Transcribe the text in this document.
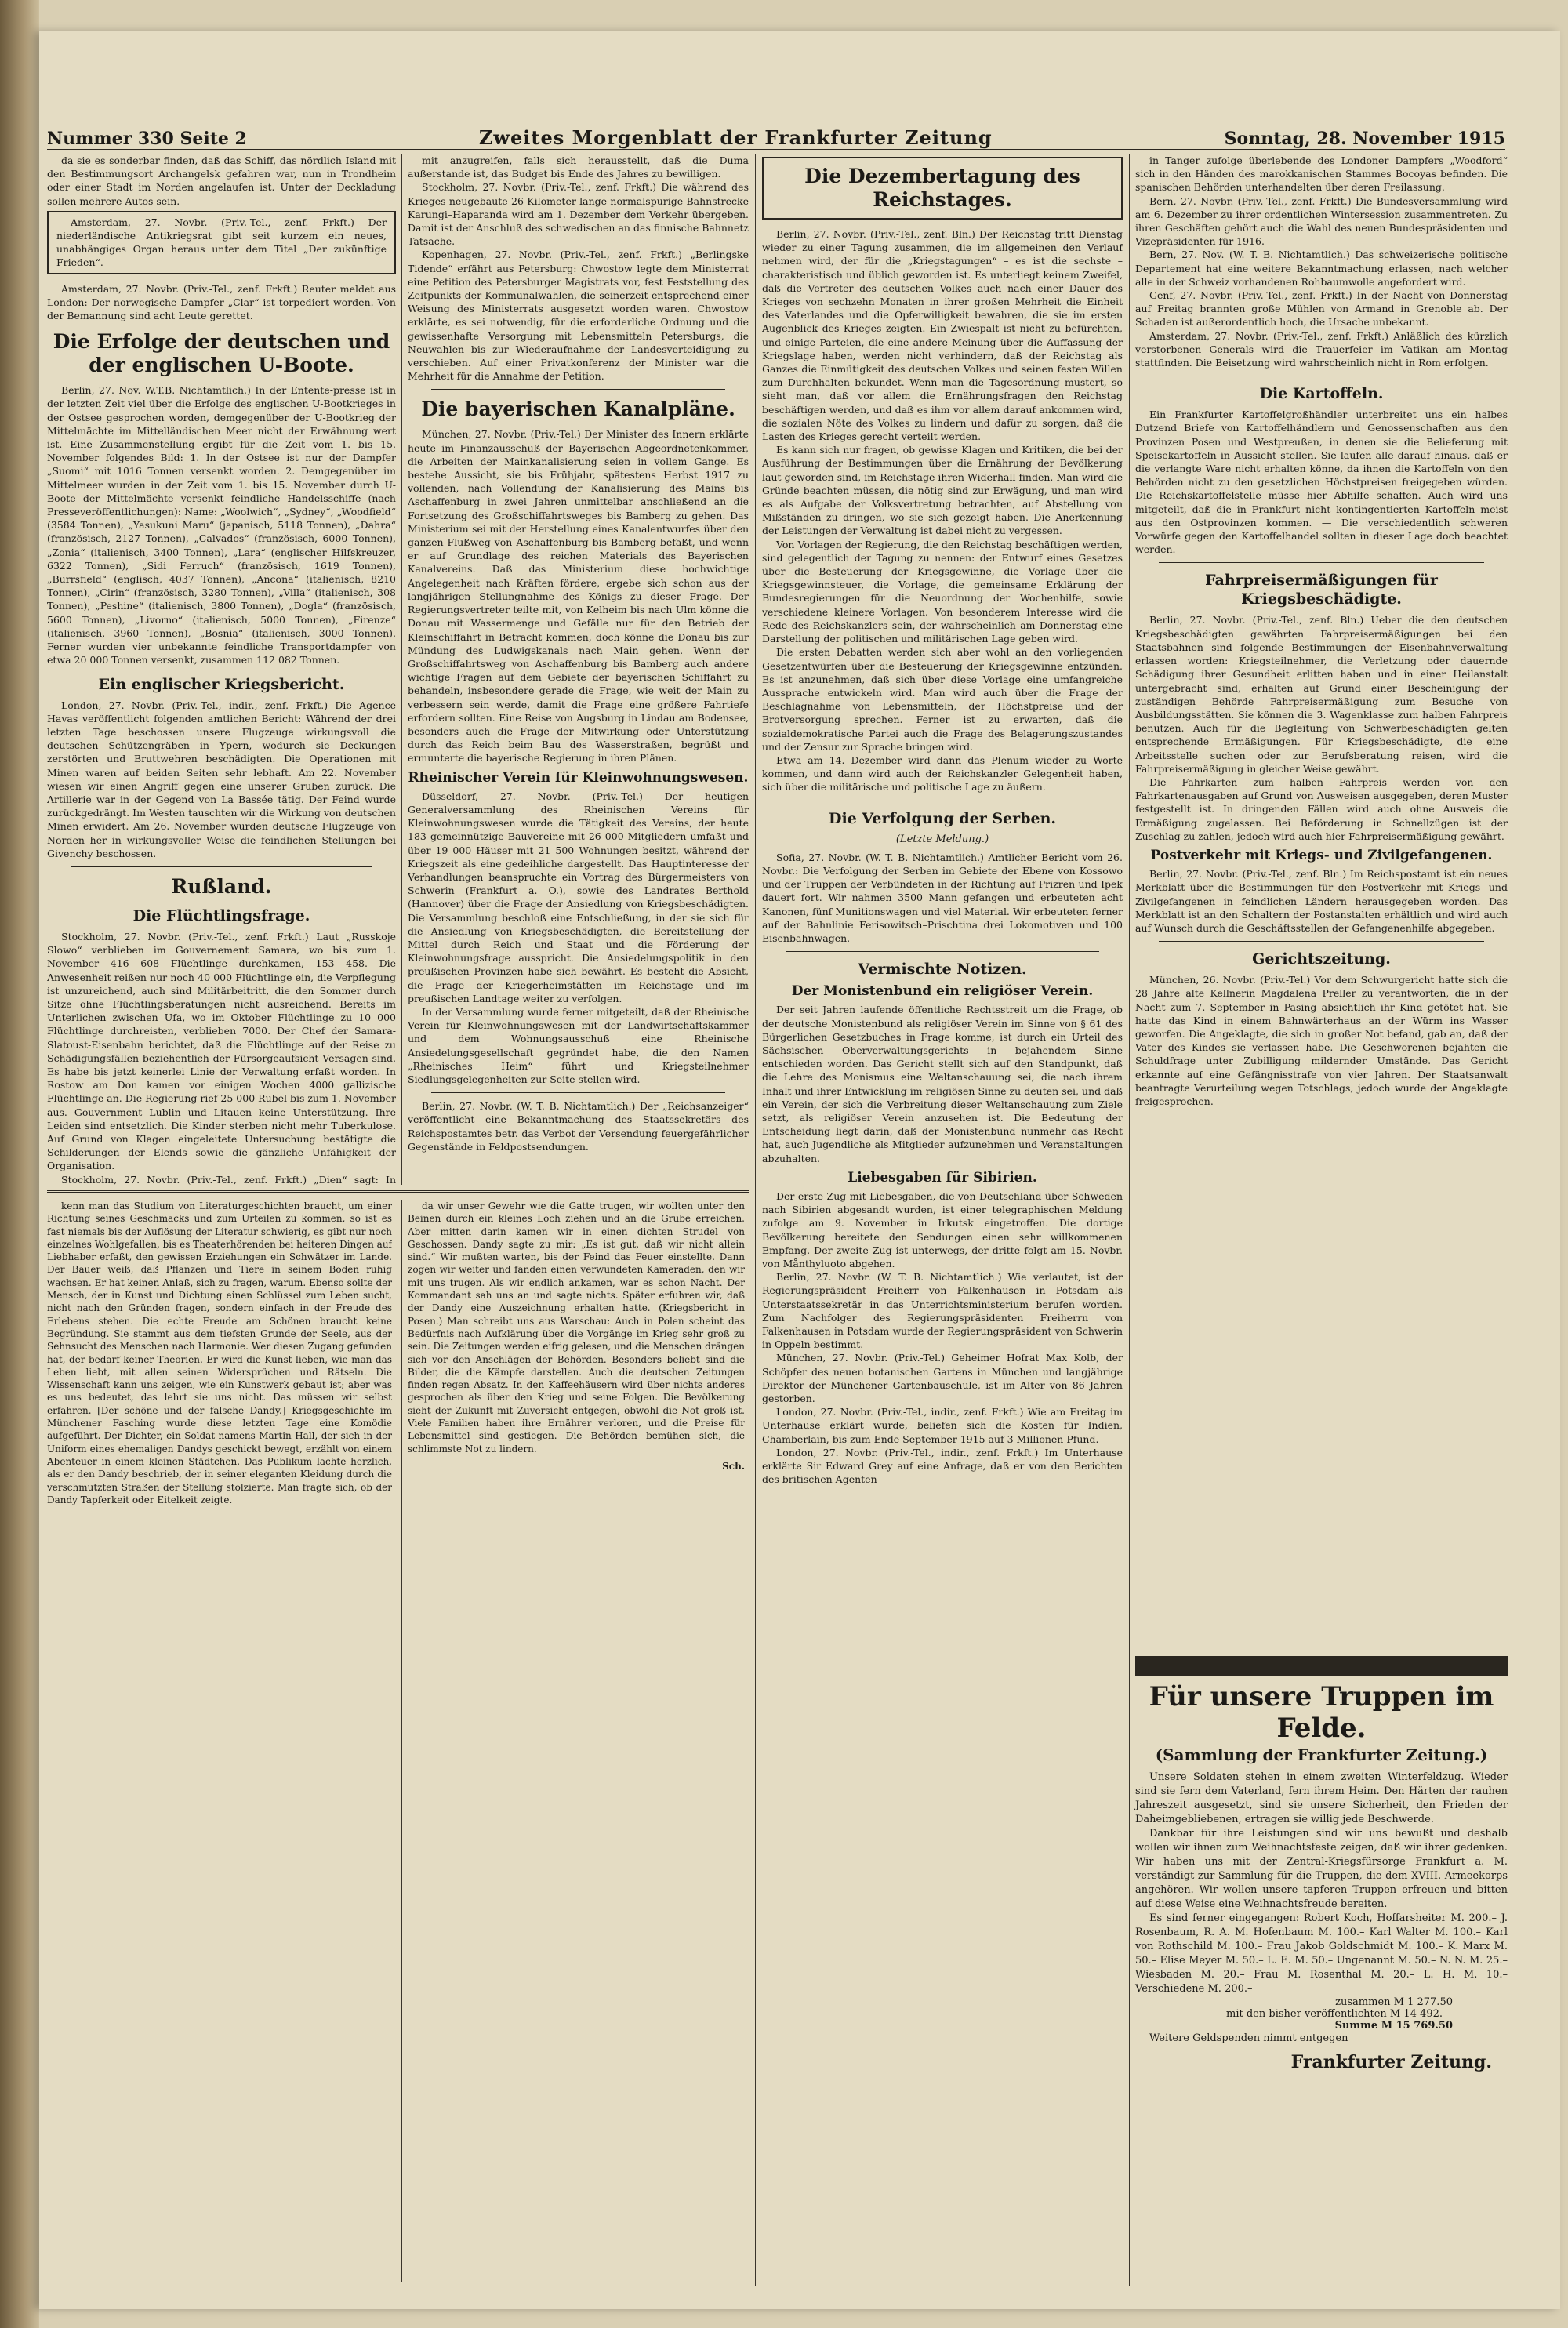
Nummer 330 Seite 2	Zweites Morgenblatt der Frankfurter Zeitung	Sonntag, 28. November 1915

da sie es sonderbar finden, daß das Schiff, das nördlich Island mit den Bestimmungsort Archangelsk gefahren war, nun in Trondheim oder einer Stadt im Norden angelaufen ist. Unter der Deckladung sollen mehrere Autos sein.

Amsterdam, 27. Novbr. (Priv.-Tel., zenf. Frkft.) Der niederländische Antikriegsrat gibt seit kurzem ein neues, unabhängiges Organ heraus unter dem Titel „Der zukünftige Frieden“.

Amsterdam, 27. Novbr. (Priv.-Tel., zenf. Frkft.) Reuter meldet aus London: Der norwegische Dampfer „Clar“ ist torpediert worden. Von der Bemannung sind acht Leute gerettet.

Die Erfolge der deutschen und der englischen U-Boote.

Berlin, 27. Nov. W.T.B. Nichtamtlich.) In der Entente-presse ist in der letzten Zeit viel über die Erfolge des englischen U-Bootkrieges in der Ostsee gesprochen worden, demgegenüber der U-Bootkrieg der Mittelmächte im Mittelländischen Meer nicht der Erwähnung wert ist. Eine Zusammenstellung ergibt für die Zeit vom 1. bis 15. November folgendes Bild: 1. In der Ostsee ist nur der Dampfer „Suomi“ mit 1016 Tonnen versenkt worden. 2. Demgegenüber im Mittelmeer wurden in der Zeit vom 1. bis 15. November durch U-Boote der Mittelmächte versenkt feindliche Handelsschiffe (nach Presseveröffentlichungen): Name: „Woolwich“, „Sydney“, „Woodfield“ (3584 Tonnen), „Yasukuni Maru“ (japanisch, 5118 Tonnen), „Dahra“ (französisch, 2127 Tonnen), „Calvados“ (französisch, 6000 Tonnen), „Zonia“ (italienisch, 3400 Tonnen), „Lara“ (englischer Hilfskreuzer, 6322 Tonnen), „Sidi Ferruch“ (französisch, 1619 Tonnen), „Burrsfield“ (englisch, 4037 Tonnen), „Ancona“ (italienisch, 8210 Tonnen), „Cirin“ (französisch, 3280 Tonnen), „Villa“ (italienisch, 308 Tonnen), „Peshine“ (italienisch, 3800 Tonnen), „Dogla“ (französisch, 5600 Tonnen), „Livorno“ (italienisch, 5000 Tonnen), „Firenze“ (italienisch, 3960 Tonnen), „Bosnia“ (italienisch, 3000 Tonnen). Ferner wurden vier unbekannte feindliche Transportdampfer von etwa 20 000 Tonnen versenkt, zusammen 112 082 Tonnen.

Ein englischer Kriegsbericht.

London, 27. Novbr. (Priv.-Tel., indir., zenf. Frkft.) Die Agence Havas veröffentlicht folgenden amtlichen Bericht: Während der drei letzten Tage beschossen unsere Flugzeuge wirkungsvoll die deutschen Schützengräben in Ypern, wodurch sie Deckungen zerstörten und Bruttwehren beschädigten. Die Operationen mit Minen waren auf beiden Seiten sehr lebhaft. Am 22. November wiesen wir einen Angriff gegen eine unserer Gruben zurück. Die Artillerie war in der Gegend von La Bassée tätig. Der Feind wurde zurückgedrängt. Im Westen tauschten wir die Wirkung von deutschen Minen erwidert. Am 26. November wurden deutsche Flugzeuge von Norden her in wirkungsvoller Weise die feindlichen Stellungen bei Givenchy beschossen.

Rußland.
Die Flüchtlingsfrage.

Stockholm, 27. Novbr. (Priv.-Tel., zenf. Frkft.) Laut „Russkoje Slowo“ verblieben im Gouvernement Samara, wo bis zum 1. November 416 608 Flüchtlinge durchkamen, 153 458. Die Anwesenheit reißen nur noch 40 000 Flüchtlinge ein, die Verpflegung ist unzureichend, auch sind Militärbeitritt, die den Sommer durch Sitze ohne Flüchtlingsberatungen nicht ausreichend. Bereits im Unterlichen zwischen Ufa, wo im Oktober Flüchtlinge zu 10 000 Flüchtlinge durchreisten, verblieben 7000. Der Chef der Samara-Slatoust-Eisenbahn berichtet, daß die Flüchtlinge auf der Reise zu Schädigungsfällen beziehentlich der Fürsorgeaufsicht Versagen sind. Es habe bis jetzt keinerlei Linie der Verwaltung erfaßt worden. In Rostow am Don kamen vor einigen Wochen 4000 gallizische Flüchtlinge an. Die Regierung rief 25 000 Rubel bis zum 1. November aus. Gouvernment Lublin und Litauen keine Unterstützung. Ihre Leiden sind entsetzlich. Die Kinder sterben nicht mehr Tuberkulose. Auf Grund von Klagen eingeleitete Untersuchung bestätigte die Schilderungen der Elends sowie die gänzliche Unfähigkeit der Organisation.

Stockholm, 27. Novbr. (Priv.-Tel., zenf. Frkft.) „Dien“ sagt: In

mit anzugreifen, falls sich herausstellt, daß die Duma außerstande ist, das Budget bis Ende des Jahres zu bewilligen.

Stockholm, 27. Novbr. (Priv.-Tel., zenf. Frkft.) Die während des Krieges neugebaute 26 Kilometer lange normalspurige Bahnstrecke Karungi–Haparanda wird am 1. Dezember dem Verkehr übergeben. Damit ist der Anschluß des schwedischen an das finnische Bahnnetz Tatsache.

Kopenhagen, 27. Novbr. (Priv.-Tel., zenf. Frkft.) „Berlingske Tidende“ erfährt aus Petersburg: Chwostow legte dem Ministerrat eine Petition des Petersburger Magistrats vor, fest Feststellung des Zeitpunkts der Kommunalwahlen, die seinerzeit entsprechend einer Weisung des Ministerrats ausgesetzt worden waren. Chwostow erklärte, es sei notwendig, für die erforderliche Ordnung und die gewissenhafte Versorgung mit Lebensmitteln Petersburgs, die Neuwahlen bis zur Wiederaufnahme der Landesverteidigung zu verschieben. Auf einer Privatkonferenz der Minister war die Mehrheit für die Annahme der Petition.

Die bayerischen Kanalpläne.

München, 27. Novbr. (Priv.-Tel.) Der Minister des Innern erklärte heute im Finanzausschuß der Bayerischen Abgeordnetenkammer, die Arbeiten der Mainkanalisierung seien in vollem Gange. Es bestehe Aussicht, sie bis Frühjahr, spätestens Herbst 1917 zu vollenden, nach Vollendung der Kanalisierung des Mains bis Aschaffenburg in zwei Jahren unmittelbar anschließend an die Fortsetzung des Großschiffahrtsweges bis Bamberg zu gehen. Das Ministerium sei mit der Herstellung eines Kanalentwurfes über den ganzen Flußweg von Aschaffenburg bis Bamberg befaßt, und wenn er auf Grundlage des reichen Materials des Bayerischen Kanalvereins. Daß das Ministerium diese hochwichtige Angelegenheit nach Kräften fördere, ergebe sich schon aus der langjährigen Stellungnahme des Königs zu dieser Frage. Der Regierungsvertreter teilte mit, von Kelheim bis nach Ulm könne die Donau mit Wassermenge und Gefälle nur für den Betrieb der Kleinschiffahrt in Betracht kommen, doch könne die Donau bis zur Mündung des Ludwigskanals nach Main gehen. Wenn der Großschiffahrtsweg von Aschaffenburg bis Bamberg auch andere wichtige Fragen auf dem Gebiete der bayerischen Schiffahrt zu behandeln, insbesondere gerade die Frage, wie weit der Main zu verbessern sein werde, damit die Frage eine größere Fahrtiefe erfordern sollten. Eine Reise von Augsburg in Lindau am Bodensee, besonders auch die Frage der Mitwirkung oder Unterstützung durch das Reich beim Bau des Wasserstraßen, begrüßt und ermunterte die bayerische Regierung in ihren Plänen.

Rheinischer Verein für Kleinwohnungswesen.

Düsseldorf, 27. Novbr. (Priv.-Tel.) Der heutigen Generalversammlung des Rheinischen Vereins für Kleinwohnungswesen wurde die Tätigkeit des Vereins, der heute 183 gemeinnützige Bauvereine mit 26 000 Mitgliedern umfaßt und über 19 000 Häuser mit 21 500 Wohnungen besitzt, während der Kriegszeit als eine gedeihliche dargestellt. Das Hauptinteresse der Verhandlungen beanspruchte ein Vortrag des Bürgermeisters von Schwerin (Frankfurt a. O.), sowie des Landrates Berthold (Hannover) über die Frage der Ansiedlung von Kriegsbeschädigten. Die Versammlung beschloß eine Entschließung, in der sie sich für die Ansiedlung von Kriegsbeschädigten, die Bereitstellung der Mittel durch Reich und Staat und die Förderung der Kleinwohnungsfrage ausspricht. Die Ansiedelungspolitik in den preußischen Provinzen habe sich bewährt. Es besteht die Absicht, die Frage der Kriegerheimstätten im Reichstage und im preußischen Landtage weiter zu verfolgen.

In der Versammlung wurde ferner mitgeteilt, daß der Rheinische Verein für Kleinwohnungswesen mit der Landwirtschaftskammer und dem Wohnungsausschuß eine Rheinische Ansiedelungsgesellschaft gegründet habe, die den Namen „Rheinisches Heim“ führt und Kriegsteilnehmer Siedlungsgelegenheiten zur Seite stellen wird.

Berlin, 27. Novbr. (W. T. B. Nichtamtlich.) Der „Reichsanzeiger“ veröffentlicht eine Bekanntmachung des Staatssekretärs des Reichspostamtes betr. das Verbot der Versendung feuergefährlicher Gegenstände in Feldpostsendungen.

Die Dezembertagung des Reichstages.

Berlin, 27. Novbr. (Priv.-Tel., zenf. Bln.) Der Reichstag tritt Dienstag wieder zu einer Tagung zusammen, die im allgemeinen den Verlauf nehmen wird, der für die „Kriegstagungen“ – es ist die sechste – charakteristisch und üblich geworden ist. Es unterliegt keinem Zweifel, daß die Vertreter des deutschen Volkes auch nach einer Dauer des Krieges von sechzehn Monaten in ihrer großen Mehrheit die Einheit des Vaterlandes und die Opferwilligkeit bewahren, die sie im ersten Augenblick des Krieges zeigten. Ein Zwiespalt ist nicht zu befürchten, und einige Parteien, die eine andere Meinung über die Auffassung der Kriegslage haben, werden nicht verhindern, daß der Reichstag als Ganzes die Einmütigkeit des deutschen Volkes und seinen festen Willen zum Durchhalten bekundet. Wenn man die Tagesordnung mustert, so sieht man, daß vor allem die Ernährungsfragen den Reichstag beschäftigen werden, und daß es ihm vor allem darauf ankommen wird, die sozialen Nöte des Volkes zu lindern und dafür zu sorgen, daß die Lasten des Krieges gerecht verteilt werden.

Es kann sich nur fragen, ob gewisse Klagen und Kritiken, die bei der Ausführung der Bestimmungen über die Ernährung der Bevölkerung laut geworden sind, im Reichstage ihren Widerhall finden. Man wird die Gründe beachten müssen, die nötig sind zur Erwägung, und man wird es als Aufgabe der Volksvertretung betrachten, auf Abstellung von Mißständen zu dringen, wo sie sich gezeigt haben. Die Anerkennung der Leistungen der Verwaltung ist dabei nicht zu vergessen.

Von Vorlagen der Regierung, die den Reichstag beschäftigen werden, sind gelegentlich der Tagung zu nennen: der Entwurf eines Gesetzes über die Besteuerung der Kriegsgewinne, die Vorlage über die Kriegsgewinnsteuer, die Vorlage, die gemeinsame Erklärung der Bundesregierungen für die Neuordnung der Wochenhilfe, sowie verschiedene kleinere Vorlagen. Von besonderem Interesse wird die Rede des Reichskanzlers sein, der wahrscheinlich am Donnerstag eine Darstellung der politischen und militärischen Lage geben wird.

Die ersten Debatten werden sich aber wohl an den vorliegenden Gesetzentwürfen über die Besteuerung der Kriegsgewinne entzünden. Es ist anzunehmen, daß sich über diese Vorlage eine umfangreiche Aussprache entwickeln wird. Man wird auch über die Frage der Beschlagnahme von Lebensmitteln, der Höchstpreise und der Brotversorgung sprechen. Ferner ist zu erwarten, daß die sozialdemokratische Partei auch die Frage des Belagerungszustandes und der Zensur zur Sprache bringen wird.

Etwa am 14. Dezember wird dann das Plenum wieder zu Worte kommen, und dann wird auch der Reichskanzler Gelegenheit haben, sich über die militärische und politische Lage zu äußern.

Die Verfolgung der Serben.
(Letzte Meldung.)

Sofia, 27. Novbr. (W. T. B. Nichtamtlich.) Amtlicher Bericht vom 26. Novbr.: Die Verfolgung der Serben im Gebiete der Ebene von Kossowo und der Truppen der Verbündeten in der Richtung auf Prizren und Ipek dauert fort. Wir nahmen 3500 Mann gefangen und erbeuteten acht Kanonen, fünf Munitionswagen und viel Material. Wir erbeuteten ferner auf der Bahnlinie Ferisowitsch–Prischtina drei Lokomotiven und 100 Eisenbahnwagen.

Vermischte Notizen.
Der Monistenbund ein religiöser Verein.

Der seit Jahren laufende öffentliche Rechtsstreit um die Frage, ob der deutsche Monistenbund als religiöser Verein im Sinne von § 61 des Bürgerlichen Gesetzbuches in Frage komme, ist durch ein Urteil des Sächsischen Oberverwaltungsgerichts in bejahendem Sinne entschieden worden. Das Gericht stellt sich auf den Standpunkt, daß die Lehre des Monismus eine Weltanschauung sei, die nach ihrem Inhalt und ihrer Entwicklung im religiösen Sinne zu deuten sei, und daß ein Verein, der sich die Verbreitung dieser Weltanschauung zum Ziele setzt, als religiöser Verein anzusehen ist. Die Bedeutung der Entscheidung liegt darin, daß der Monistenbund nunmehr das Recht hat, auch Jugendliche als Mitglieder aufzunehmen und Veranstaltungen abzuhalten.

Liebesgaben für Sibirien.

Der erste Zug mit Liebesgaben, die von Deutschland über Schweden nach Sibirien abgesandt wurden, ist einer telegraphischen Meldung zufolge am 9. November in Irkutsk eingetroffen. Die dortige Bevölkerung bereitete den Sendungen einen sehr willkommenen Empfang. Der zweite Zug ist unterwegs, der dritte folgt am 15. Novbr. von Månthyluoto abgehen.

Berlin, 27. Novbr. (W. T. B. Nichtamtlich.) Wie verlautet, ist der Regierungspräsident Freiherr von Falkenhausen in Potsdam als Unterstaatssekretär in das Unterrichtsministerium berufen worden. Zum Nachfolger des Regierungspräsidenten Freiherrn von Falkenhausen in Potsdam wurde der Regierungspräsident von Schwerin in Oppeln bestimmt.

München, 27. Novbr. (Priv.-Tel.) Geheimer Hofrat Max Kolb, der Schöpfer des neuen botanischen Gartens in München und langjährige Direktor der Münchener Gartenbauschule, ist im Alter von 86 Jahren gestorben.

London, 27. Novbr. (Priv.-Tel., indir., zenf. Frkft.) Wie am Freitag im Unterhause erklärt wurde, beliefen sich die Kosten für Indien, Chamberlain, bis zum Ende September 1915 auf 3 Millionen Pfund.

London, 27. Novbr. (Priv.-Tel., indir., zenf. Frkft.) Im Unterhause erklärte Sir Edward Grey auf eine Anfrage, daß er von den Berichten des britischen Agenten

in Tanger zufolge überlebende des Londoner Dampfers „Woodford“ sich in den Händen des marokkanischen Stammes Bocoyas befinden. Die spanischen Behörden unterhandelten über deren Freilassung.

Bern, 27. Novbr. (Priv.-Tel., zenf. Frkft.) Die Bundesversammlung wird am 6. Dezember zu ihrer ordentlichen Wintersession zusammentreten. Zu ihren Geschäften gehört auch die Wahl des neuen Bundespräsidenten und Vizepräsidenten für 1916.

Bern, 27. Nov. (W. T. B. Nichtamtlich.) Das schweizerische politische Departement hat eine weitere Bekanntmachung erlassen, nach welcher alle in der Schweiz vorhandenen Rohbaumwolle angefordert wird.

Genf, 27. Novbr. (Priv.-Tel., zenf. Frkft.) In der Nacht von Donnerstag auf Freitag brannten große Mühlen von Armand in Grenoble ab. Der Schaden ist außerordentlich hoch, die Ursache unbekannt.

Amsterdam, 27. Novbr. (Priv.-Tel., zenf. Frkft.) Anläßlich des kürzlich verstorbenen Generals wird die Trauerfeier im Vatikan am Montag stattfinden. Die Beisetzung wird wahrscheinlich nicht in Rom erfolgen.

Die Kartoffeln.

Ein Frankfurter Kartoffelgroßhändler unterbreitet uns ein halbes Dutzend Briefe von Kartoffelhändlern und Genossenschaften aus den Provinzen Posen und Westpreußen, in denen sie die Belieferung mit Speisekartoffeln in Aussicht stellen. Sie laufen alle darauf hinaus, daß er die verlangte Ware nicht erhalten könne, da ihnen die Kartoffeln von den Behörden nicht zu den gesetzlichen Höchstpreisen freigegeben würden. Die Reichskartoffelstelle müsse hier Abhilfe schaffen. Auch wird uns mitgeteilt, daß die in Frankfurt nicht kontingentierten Kartoffeln meist aus den Ostprovinzen kommen. — Die verschiedentlich schweren Vorwürfe gegen den Kartoffelhandel sollten in dieser Lage doch beachtet werden.

Fahrpreisermäßigungen für Kriegsbeschädigte.

Berlin, 27. Novbr. (Priv.-Tel., zenf. Bln.) Ueber die den deutschen Kriegsbeschädigten gewährten Fahrpreisermäßigungen bei den Staatsbahnen sind folgende Bestimmungen der Eisenbahnverwaltung erlassen worden: Kriegsteilnehmer, die Verletzung oder dauernde Schädigung ihrer Gesundheit erlitten haben und in einer Heilanstalt untergebracht sind, erhalten auf Grund einer Bescheinigung der zuständigen Behörde Fahrpreisermäßigung zum Besuche von Ausbildungsstätten. Sie können die 3. Wagenklasse zum halben Fahrpreis benutzen. Auch für die Begleitung von Schwerbeschädigten gelten entsprechende Ermäßigungen. Für Kriegsbeschädigte, die eine Arbeitsstelle suchen oder zur Berufsberatung reisen, wird die Fahrpreisermäßigung in gleicher Weise gewährt.

Die Fahrkarten zum halben Fahrpreis werden von den Fahrkartenausgaben auf Grund von Ausweisen ausgegeben, deren Muster festgestellt ist. In dringenden Fällen wird auch ohne Ausweis die Ermäßigung zugelassen. Bei Beförderung in Schnellzügen ist der Zuschlag zu zahlen, jedoch wird auch hier Fahrpreisermäßigung gewährt.

Postverkehr mit Kriegs- und Zivilgefangenen.

Berlin, 27. Novbr. (Priv.-Tel., zenf. Bln.) Im Reichspostamt ist ein neues Merkblatt über die Bestimmungen für den Postverkehr mit Kriegs- und Zivilgefangenen in feindlichen Ländern herausgegeben worden. Das Merkblatt ist an den Schaltern der Postanstalten erhältlich und wird auch auf Wunsch durch die Geschäftsstellen der Gefangenenhilfe abgegeben.

Gerichtszeitung.

München, 26. Novbr. (Priv.-Tel.) Vor dem Schwurgericht hatte sich die 28 Jahre alte Kellnerin Magdalena Preller zu verantworten, die in der Nacht zum 7. September in Pasing absichtlich ihr Kind getötet hat. Sie hatte das Kind in einem Bahnwärterhaus an der Würm ins Wasser geworfen. Die Angeklagte, die sich in großer Not befand, gab an, daß der Vater des Kindes sie verlassen habe. Die Geschworenen bejahten die Schuldfrage unter Zubilligung mildernder Umstände. Das Gericht erkannte auf eine Gefängnisstrafe von vier Jahren. Der Staatsanwalt beantragte Verurteilung wegen Totschlags, jedoch wurde der Angeklagte freigesprochen.

Für unsere Truppen im Felde.
(Sammlung der Frankfurter Zeitung.)

Unsere Soldaten stehen in einem zweiten Winterfeldzug. Wieder sind sie fern dem Vaterland, fern ihrem Heim. Den Härten der rauhen Jahreszeit ausgesetzt, sind sie unsere Sicherheit, den Frieden der Daheimgebliebenen, ertragen sie willig jede Beschwerde.

Dankbar für ihre Leistungen sind wir uns bewußt und deshalb wollen wir ihnen zum Weihnachtsfeste zeigen, daß wir ihrer gedenken. Wir haben uns mit der Zentral-Kriegsfürsorge Frankfurt a. M. verständigt zur Sammlung für die Truppen, die dem XVIII. Armeekorps angehören. Wir wollen unsere tapferen Truppen erfreuen und bitten auf diese Weise eine Weihnachtsfreude bereiten.

Es sind ferner eingegangen: Robert Koch, Hoffarsheiter M. 200.– J. Rosenbaum, R. A. M. Hofenbaum M. 100.– Karl Walter M. 100.– Karl von Rothschild M. 100.– Frau Jakob Goldschmidt M. 100.– K. Marx M. 50.– Elise Meyer M. 50.– L. E. M. 50.– Ungenannt M. 50.– N. N. M. 25.– Wiesbaden M. 20.– Frau M. Rosenthal M. 20.– L. H. M. 10.– Verschiedene M. 200.–

zusammen M 1 277.50
mit den bisher veröffentlichten M 14 492.—
Summe M 15 769.50

Weitere Geldspenden nimmt entgegen

Frankfurter Zeitung.

kenn man das Studium von Literaturgeschichten braucht, um einer Richtung seines Geschmacks und zum Urteilen zu kommen, so ist es fast niemals bis der Auflösung der Literatur schwierig, es gibt nur noch einzelnes Wohlgefallen, bis es Theaterhörenden bei heiteren Dingen auf Liebhaber erfaßt, den gewissen Erziehungen ein Schwätzer im Lande. Der Bauer weiß, daß Pflanzen und Tiere in seinem Boden ruhig wachsen. Er hat keinen Anlaß, sich zu fragen, warum. Ebenso sollte der Mensch, der in Kunst und Dichtung einen Schlüssel zum Leben sucht, nicht nach den Gründen fragen, sondern einfach in der Freude des Erlebens stehen. Die echte Freude am Schönen braucht keine Begründung. Sie stammt aus dem tiefsten Grunde der Seele, aus der Sehnsucht des Menschen nach Harmonie. Wer diesen Zugang gefunden hat, der bedarf keiner Theorien. Er wird die Kunst lieben, wie man das Leben liebt, mit allen seinen Widersprüchen und Rätseln. Die Wissenschaft kann uns zeigen, wie ein Kunstwerk gebaut ist; aber was es uns bedeutet, das lehrt sie uns nicht. Das müssen wir selbst erfahren. [Der schöne und der falsche Dandy.] Kriegsgeschichte im Münchener Fasching wurde diese letzten Tage eine Komödie aufgeführt. Der Dichter, ein Soldat namens Martin Hall, der sich in der Uniform eines ehemaligen Dandys geschickt bewegt, erzählt von einem Abenteuer in einem kleinen Städtchen. Das Publikum lachte herzlich, als er den Dandy beschrieb, der in seiner eleganten Kleidung durch die verschmutzten Straßen der Stellung stolzierte. Man fragte sich, ob der Dandy Tapferkeit oder Eitelkeit zeigte.

da wir unser Gewehr wie die Gatte trugen, wir wollten unter den Beinen durch ein kleines Loch ziehen und an die Grube erreichen. Aber mitten darin kamen wir in einen dichten Strudel von Geschossen. Dandy sagte zu mir: „Es ist gut, daß wir nicht allein sind.“ Wir mußten warten, bis der Feind das Feuer einstellte. Dann zogen wir weiter und fanden einen verwundeten Kameraden, den wir mit uns trugen. Als wir endlich ankamen, war es schon Nacht. Der Kommandant sah uns an und sagte nichts. Später erfuhren wir, daß der Dandy eine Auszeichnung erhalten hatte. (Kriegsbericht in Posen.) Man schreibt uns aus Warschau: Auch in Polen scheint das Bedürfnis nach Aufklärung über die Vorgänge im Krieg sehr groß zu sein. Die Zeitungen werden eifrig gelesen, und die Menschen drängen sich vor den Anschlägen der Behörden. Besonders beliebt sind die Bilder, die die Kämpfe darstellen. Auch die deutschen Zeitungen finden regen Absatz. In den Kaffeehäusern wird über nichts anderes gesprochen als über den Krieg und seine Folgen. Die Bevölkerung sieht der Zukunft mit Zuversicht entgegen, obwohl die Not groß ist. Viele Familien haben ihre Ernährer verloren, und die Preise für Lebensmittel sind gestiegen. Die Behörden bemühen sich, die schlimmste Not zu lindern.

Sch.
